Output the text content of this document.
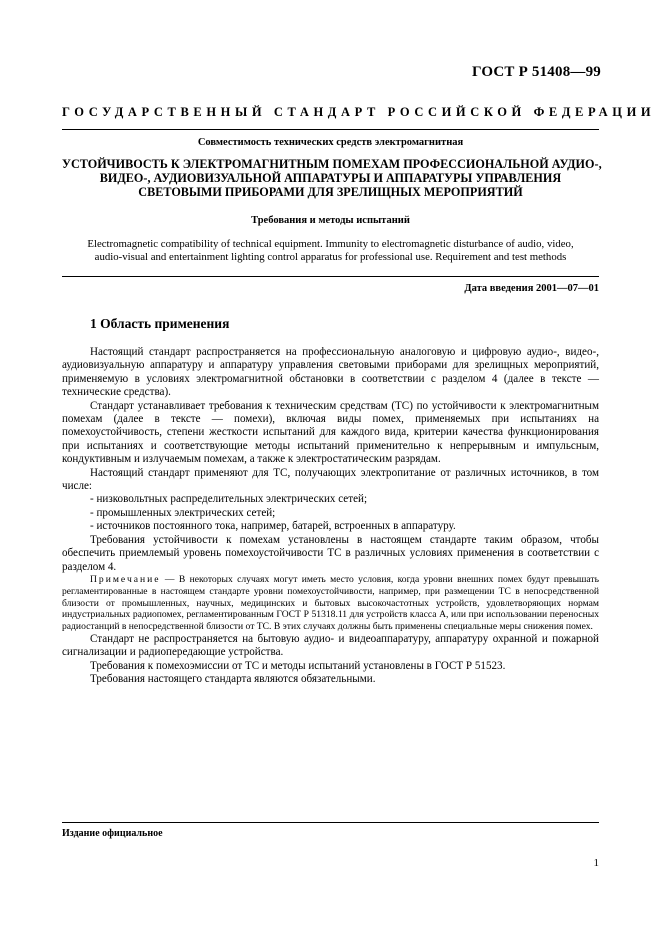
ГОСТ Р 51408—99
ГОСУДАРСТВЕННЫЙ СТАНДАРТ РОССИЙСКОЙ ФЕДЕРАЦИИ
Совместимость технических средств электромагнитная
УСТОЙЧИВОСТЬ К ЭЛЕКТРОМАГНИТНЫМ ПОМЕХАМ ПРОФЕССИОНАЛЬНОЙ АУДИО-,
ВИДЕО-, АУДИОВИЗУАЛЬНОЙ АППАРАТУРЫ И АППАРАТУРЫ УПРАВЛЕНИЯ
СВЕТОВЫМИ ПРИБОРАМИ ДЛЯ ЗРЕЛИЩНЫХ МЕРОПРИЯТИЙ
Требования и методы испытаний
Electromagnetic compatibility of technical equipment. Immunity to electromagnetic disturbance of audio, video,
audio-visual and entertainment lighting control apparatus for professional use. Requirement and test methods
Дата введения 2001—07—01
1 Область применения

Настоящий стандарт распространяется на профессиональную аналоговую и цифровую аудио-, видео-, аудиовизуальную аппаратуру и аппаратуру управления световыми приборами для зрелищных мероприятий, применяемую в условиях электромагнитной обстановки в соответствии с разделом 4 (далее в тексте — технические средства).

Стандарт устанавливает требования к техническим средствам (ТС) по устойчивости к электромагнитным помехам (далее в тексте — помехи), включая виды помех, применяемых при испытаниях на помехоустойчивость, степени жесткости испытаний для каждого вида, критерии качества функционирования при испытаниях и соответствующие методы испытаний применительно к непрерывным и импульсным, кондуктивным и излучаемым помехам, а также к электростатическим разрядам.

Настоящий стандарт применяют для ТС, получающих электропитание от различных источников, в том числе:

- низковольтных распределительных электрических сетей;

- промышленных электрических сетей;

- источников постоянного тока, например, батарей, встроенных в аппаратуру.

Требования устойчивости к помехам установлены в настоящем стандарте таким образом, чтобы обеспечить приемлемый уровень помехоустойчивости ТС в различных условиях применения в соответствии с разделом 4.

Примечание — В некоторых случаях могут иметь место условия, когда уровни внешних помех будут превышать регламентированные в настоящем стандарте уровни помехоустойчивости, например, при размещении ТС в непосредственной близости от промышленных, научных, медицинских и бытовых высокочастотных устройств, удовлетворяющих нормам индустриальных радиопомех, регламентированным ГОСТ Р 51318.11 для устройств класса А, или при использовании переносных радиостанций в непосредственной близости от ТС. В этих случаях должны быть применены специальные меры снижения помех.

Стандарт не распространяется на бытовую аудио- и видеоаппаратуру, аппаратуру охранной и пожарной сигнализации и радиопередающие устройства.

Требования к помехоэмиссии от ТС и методы испытаний установлены в ГОСТ Р 51523.

Требования настоящего стандарта являются обязательными.

Издание официальное
1
